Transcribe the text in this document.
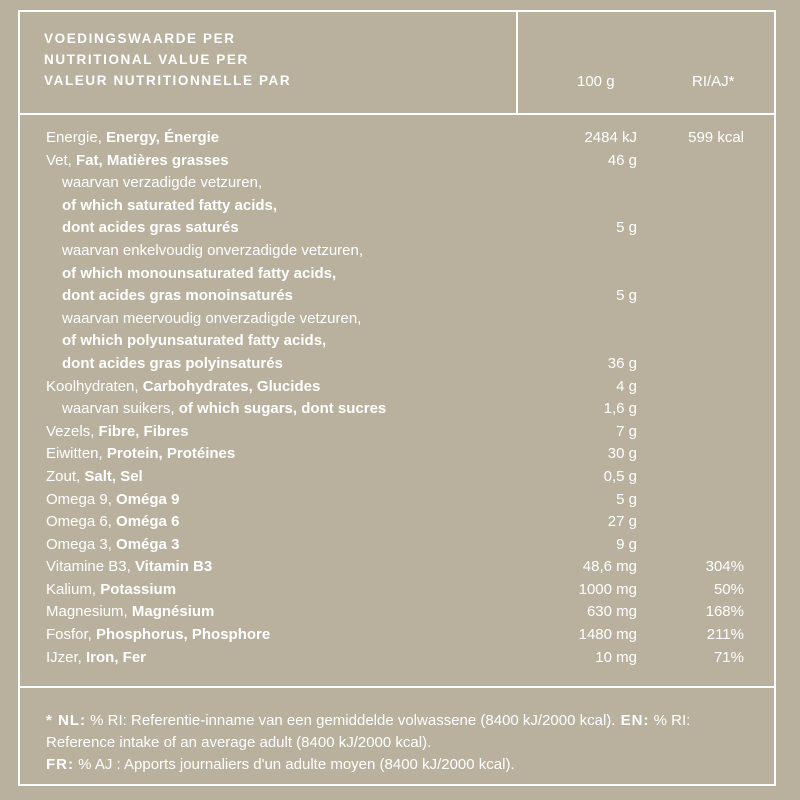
VOEDINGSWAARDE PER
NUTRITIONAL VALUE PER
VALEUR NUTRITIONNELLE PAR	100 g	RI/AJ*
Energie, Energy, Énergie	2484 kJ	599 kcal
Vet, Fat, Matières grasses	46 g
waarvan verzadigde vetzuren,
of which saturated fatty acids,
dont acides gras saturés	5 g
waarvan enkelvoudig onverzadigde vetzuren,
of which monounsaturated fatty acids,
dont acides gras monoinsaturés	5 g
waarvan meervoudig onverzadigde vetzuren,
of which polyunsaturated fatty acids,
dont acides gras polyinsaturés	36 g
Koolhydraten, Carbohydrates, Glucides	4 g
waarvan suikers, of which sugars, dont sucres	1,6 g
Vezels, Fibre, Fibres	7 g
Eiwitten, Protein, Protéines	30 g
Zout, Salt, Sel	0,5 g
Omega 9, Oméga 9	5 g
Omega 6, Oméga 6	27 g
Omega 3, Oméga 3	9 g
Vitamine B3, Vitamin B3	48,6 mg	304%
Kalium, Potassium	1000 mg	50%
Magnesium, Magnésium	630 mg	168%
Fosfor, Phosphorus, Phosphore	1480 mg	211%
IJzer, Iron, Fer	10 mg	71%
* NL: % RI: Referentie-inname van een gemiddelde volwassene (8400 kJ/2000 kcal). EN: % RI: Reference intake of an average adult (8400 kJ/2000 kcal).
FR: % AJ : Apports journaliers d'un adulte moyen (8400 kJ/2000 kcal).
